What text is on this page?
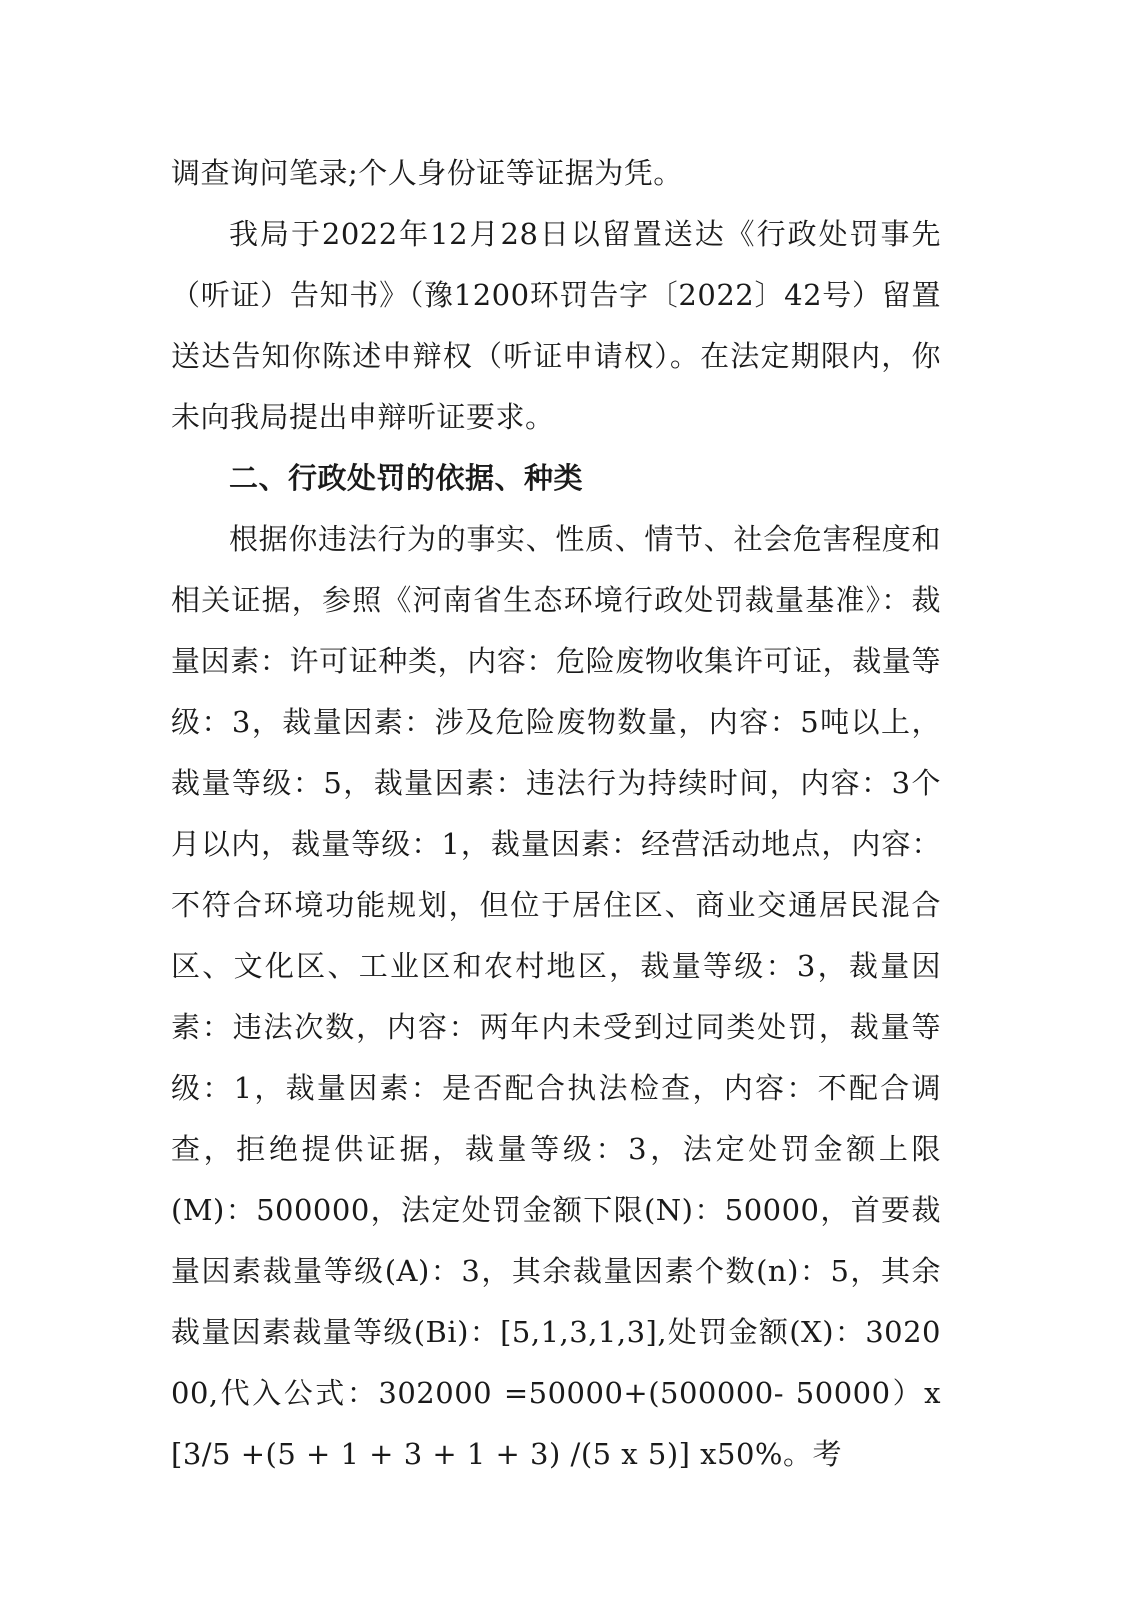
调查询问笔录;个人身份证等证据为凭。

我局于2022年12月28日以留置送达《行政处罚事先（听证）告知书》（豫1200环罚告字〔2022〕42号）留置送达告知你陈述申辩权（听证申请权）。在法定期限内，你未向我局提出申辩听证要求。

二、行政处罚的依据、种类

根据你违法行为的事实、性质、情节、社会危害程度和相关证据，参照《河南省生态环境行政处罚裁量基准》：裁量因素：许可证种类，内容：危险废物收集许可证，裁量等级：3，裁量因素：涉及危险废物数量，内容：5吨以上，裁量等级：5，裁量因素：违法行为持续时间，内容：3个月以内，裁量等级：1，裁量因素：经营活动地点，内容：不符合环境功能规划，但位于居住区、商业交通居民混合区、文化区、工业区和农村地区，裁量等级：3，裁量因素：违法次数，内容：两年内未受到过同类处罚，裁量等级：1，裁量因素：是否配合执法检查，内容：不配合调查，拒绝提供证据，裁量等级：3，法定处罚金额上限(M)：500000，法定处罚金额下限(N)：50000，首要裁量因素裁量等级(A)：3，其余裁量因素个数(n)：5，其余裁量因素裁量等级(Bi)：[5,1,3,1,3],处罚金额(X)：302000,代入公式：302000 =50000+(500000- 50000）x [3/5 +(5 + 1 + 3 + 1 + 3) /(5 x 5)] x50%。考
